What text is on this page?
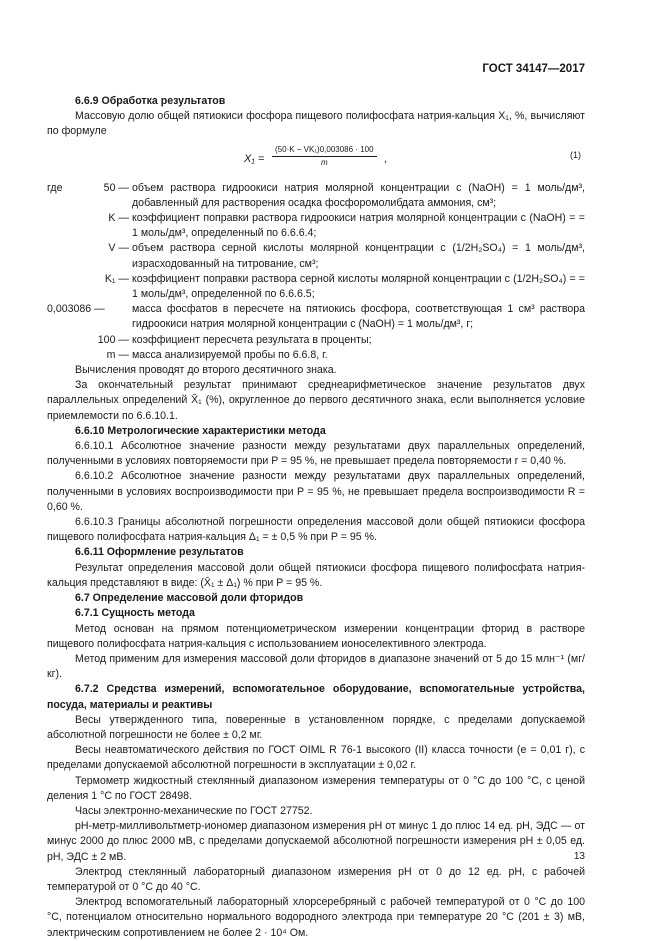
ГОСТ 34147—2017

6.6.9 Обработка результатов

Массовую долю общей пятиокиси фосфора пищевого полифосфата натрия-кальция X₁, %, вычисляют по формуле

$X_1 = \frac{\text{(50·K − VK₁)0,003086 · 100}}{m}$ ,	(1)
где	50 — объем раствора гидроокиси натрия молярной концентрации c (NaOH) = 1 моль/дм³, добавленный для растворения осадка фосфоромолибдата аммония, см³;
K — коэффициент поправки раствора гидроокиси натрия молярной концентрации c (NaOH) = = 1 моль/дм³, определенный по 6.6.6.4;
V — объем раствора серной кислоты молярной концентрации c (1/2H₂SO₄) = 1 моль/дм³, израсходованный на титрование, см³;
K₁ — коэффициент поправки раствора серной кислоты молярной концентрации c (1/2H₂SO₄) = = 1 моль/дм³, определенной по 6.6.6.5;
0,003086 —	масса фосфатов в пересчете на пятиокись фосфора, соответствующая 1 см³ раствора гидроокиси натрия молярной концентрации c (NaOH) = 1 моль/дм³, г;
100 — коэффициент пересчета результата в проценты;
m — масса анализируемой пробы по 6.6.8, г.

Вычисления проводят до второго десятичного знака.

За окончательный результат принимают среднеарифметическое значение результатов двух параллельных определений X̄₁ (%), округленное до первого десятичного знака, если выполняется условие приемлемости по 6.6.10.1.

6.6.10 Метрологические характеристики метода

6.6.10.1 Абсолютное значение разности между результатами двух параллельных определений, полученными в условиях повторяемости при P = 95 %, не превышает предела повторяемости r = 0,40 %.

6.6.10.2 Абсолютное значение разности между результатами двух параллельных определений, полученными в условиях воспроизводимости при P = 95 %, не превышает предела воспроизводимости R = 0,60 %.

6.6.10.3 Границы абсолютной погрешности определения массовой доли общей пятиокиси фосфора пищевого полифосфата натрия-кальция Δ₁ = ± 0,5 % при P = 95 %.

6.6.11 Оформление результатов

Результат определения массовой доли общей пятиокиси фосфора пищевого полифосфата натрия-кальция представляют в виде: (X̄₁ ± Δ₁) % при P = 95 %.

6.7 Определение массовой доли фторидов

6.7.1 Сущность метода

Метод основан на прямом потенциометрическом измерении концентрации фторид в растворе пищевого полифосфата натрия-кальция с использованием ионоселективного электрода.

Метод применим для измерения массовой доли фторидов в диапазоне значений от 5 до 15 млн⁻¹ (мг/кг).

6.7.2 Средства измерений, вспомогательное оборудование, вспомогательные устройства, посуда, материалы и реактивы

Весы утвержденного типа, поверенные в установленном порядке, с пределами допускаемой абсолютной погрешности не более ± 0,2 мг.

Весы неавтоматического действия по ГОСТ OIML R 76-1 высокого (II) класса точности (e = 0,01 г), с пределами допускаемой абсолютной погрешности в эксплуатации ± 0,02 г.

Термометр жидкостный стеклянный диапазоном измерения температуры от 0 °С до 100 °С, с ценой деления 1 °С по ГОСТ 28498.

Часы электронно-механические по ГОСТ 27752.

pH-метр-милливольтметр-иономер диапазоном измерения pH от минус 1 до плюс 14 ед. pH, ЭДС — от минус 2000 до плюс 2000 мВ, с пределами допускаемой абсолютной погрешности измерения pH ± 0,05 ед. pH, ЭДС ± 2 мВ.

Электрод стеклянный лабораторный диапазоном измерения pH от 0 до 12 ед. pH, с рабочей температурой от 0 °С до 40 °С.

Электрод вспомогательный лабораторный хлорсеребряный с рабочей температурой от 0 °С до 100 °С, потенциалом относительно нормального водородного электрода при температуре 20 °С (201 ± 3) мВ, электрическим сопротивлением не более 2 · 10⁴ Ом.

13
